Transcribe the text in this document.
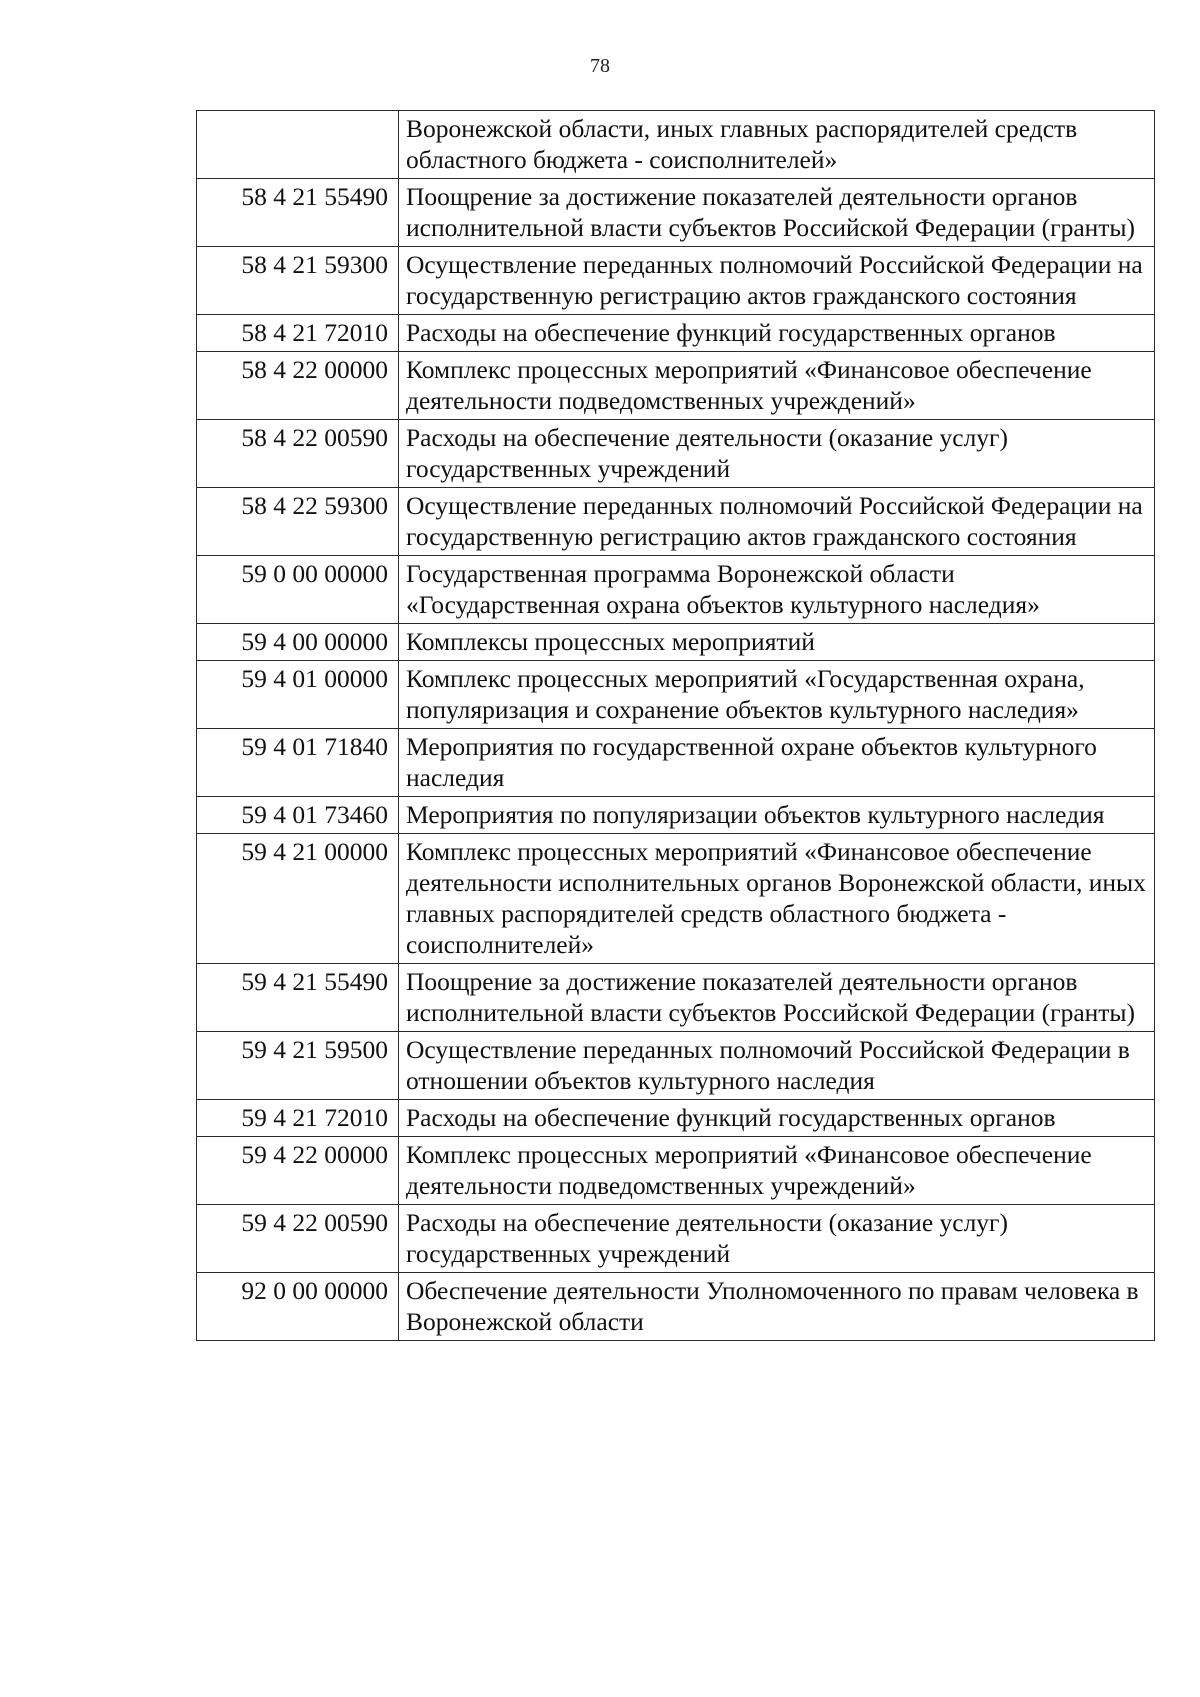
78
	Воронежской области, иных главных распорядителей средств областного бюджета - соисполнителей»
58 4 21 55490	Поощрение за достижение показателей деятельности органов исполнительной власти субъектов Российской Федерации (гранты)
58 4 21 59300	Осуществление переданных полномочий Российской Федерации на государственную регистрацию актов гражданского состояния
58 4 21 72010	Расходы на обеспечение функций государственных органов
58 4 22 00000	Комплекс процессных мероприятий «Финансовое обеспечение деятельности подведомственных учреждений»
58 4 22 00590	Расходы на обеспечение деятельности (оказание услуг) государственных учреждений
58 4 22 59300	Осуществление переданных полномочий Российской Федерации на государственную регистрацию актов гражданского состояния
59 0 00 00000	Государственная программа Воронежской области «Государственная охрана объектов культурного наследия»
59 4 00 00000	Комплексы процессных мероприятий
59 4 01 00000	Комплекс процессных мероприятий «Государственная охрана, популяризация и сохранение объектов культурного наследия»
59 4 01 71840	Мероприятия по государственной охране объектов культурного наследия
59 4 01 73460	Мероприятия по популяризации объектов культурного наследия
59 4 21 00000	Комплекс процессных мероприятий «Финансовое обеспечение деятельности исполнительных органов Воронежской области, иных главных распорядителей средств областного бюджета - соисполнителей»
59 4 21 55490	Поощрение за достижение показателей деятельности органов исполнительной власти субъектов Российской Федерации (гранты)
59 4 21 59500	Осуществление переданных полномочий Российской Федерации в отношении объектов культурного наследия
59 4 21 72010	Расходы на обеспечение функций государственных органов
59 4 22 00000	Комплекс процессных мероприятий «Финансовое обеспечение деятельности подведомственных учреждений»
59 4 22 00590	Расходы на обеспечение деятельности (оказание услуг) государственных учреждений
92 0 00 00000	Обеспечение деятельности Уполномоченного по правам человека в Воронежской области
